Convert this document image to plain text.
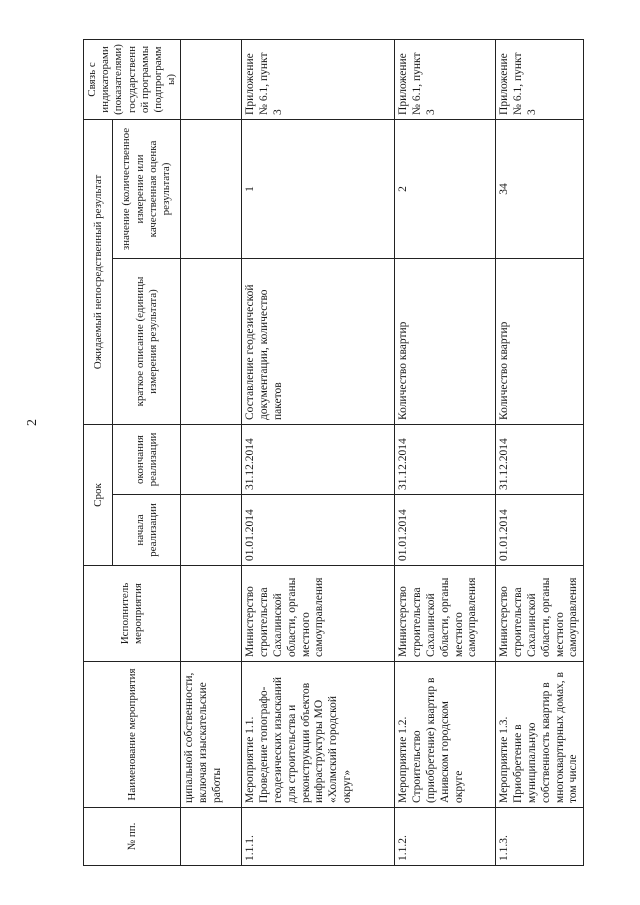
2
№ пп.	Наименование мероприятия	Исполнитель мероприятия	Срок		Ожидаемый непосредственный результат		Связь с индикаторами (показателями) государственной программы (подпрограммы)
			начала реализации	окончания реализации	краткое описание (единицы измерения результата)	значение (количественное измерение или качественная оценка результата)	
	ципальной собственности, включая изыскательские работы						
1.1.1.	Мероприятие 1.1. Проведение топографо-геодезических изысканий для строительства и реконструкции объектов инфраструктуры МО «Холмский городской округ»	Министерство строительства Сахалинской области, органы местного самоуправления	01.01.2014	31.12.2014	Составление геодезической документации, количество пакетов	1	Приложение № 6.1, пункт 3
1.1.2.	Мероприятие 1.2. Строительство (приобретение) квартир в Анивском городском округе	Министерство строительства Сахалинской области, органы местного самоуправления	01.01.2014	31.12.2014	Количество квартир	2	Приложение № 6.1, пункт 3
1.1.3.	Мероприятие 1.3. Приобретение в муниципальную собственность квартир в многоквартирных домах, в том числе	Министерство строительства Сахалинской области, органы местного самоуправления	01.01.2014	31.12.2014	Количество квартир	34	Приложение № 6.1, пункт 3
